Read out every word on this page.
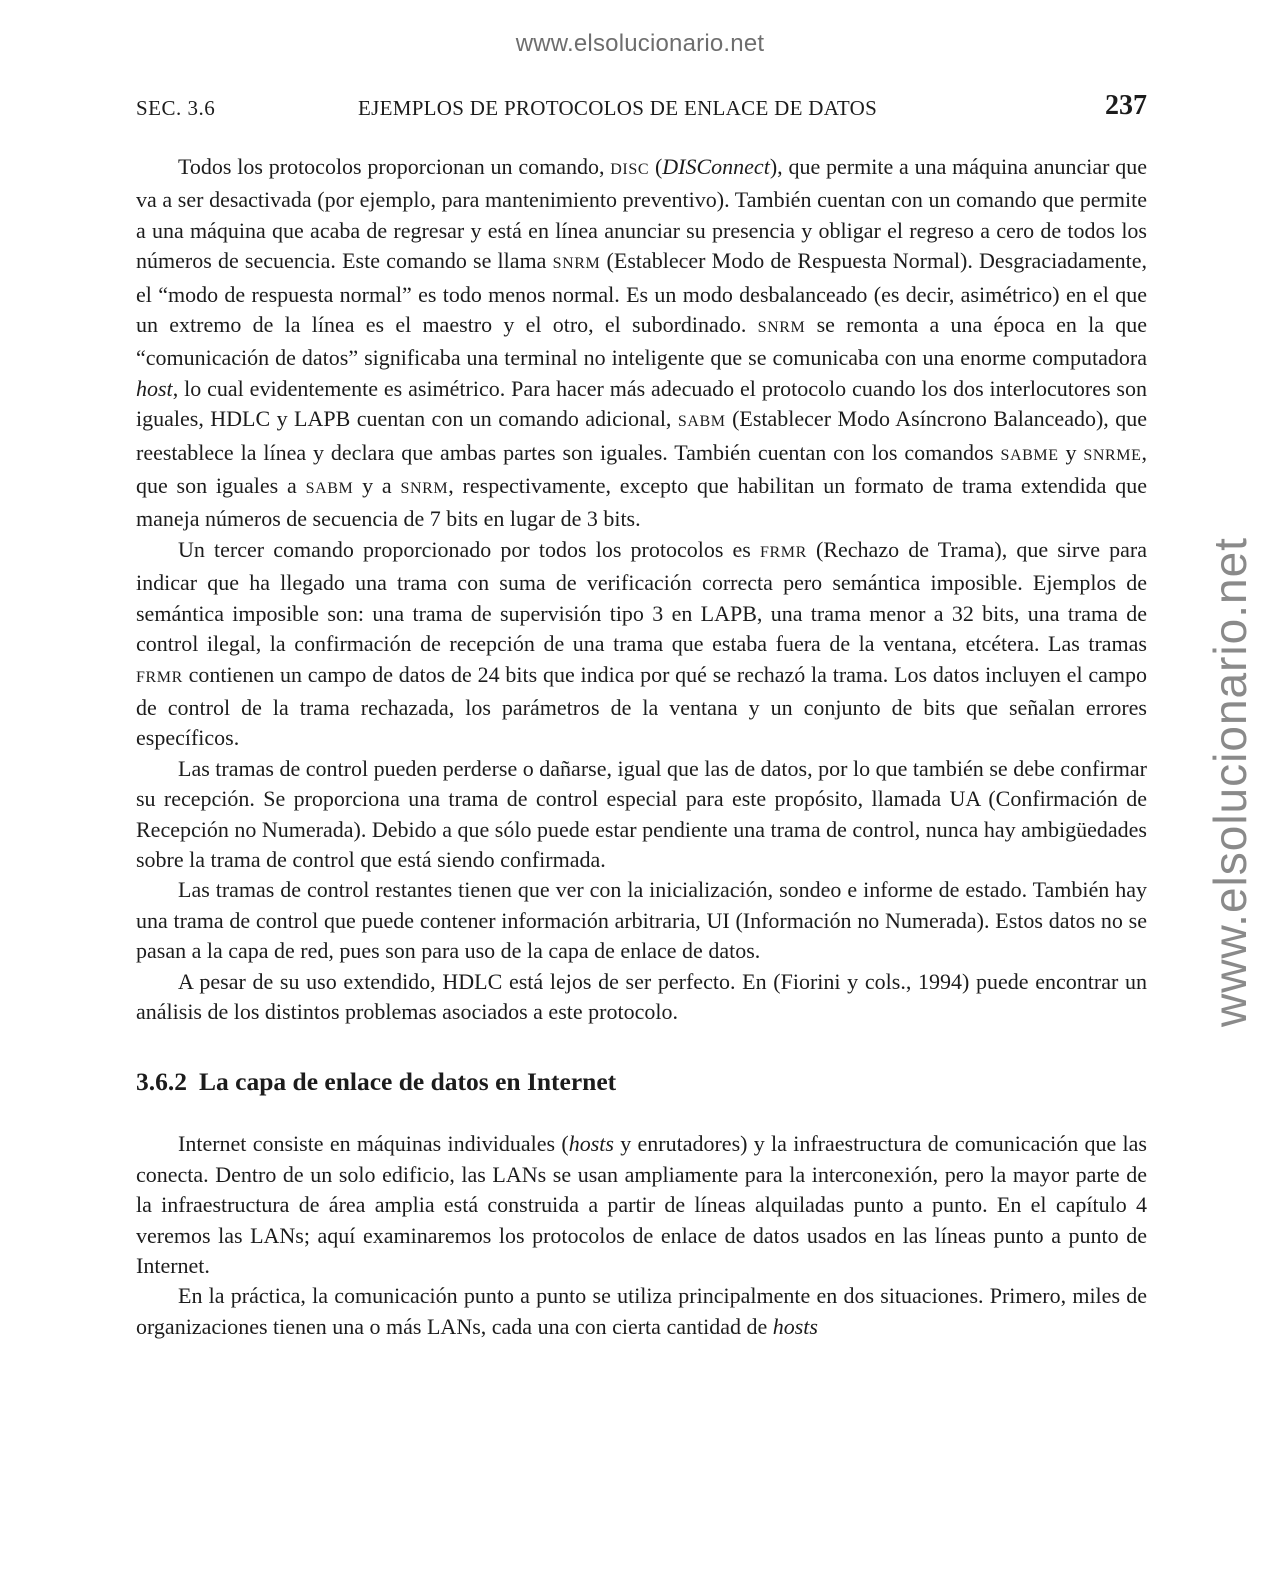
www.elsolucionario.net
www.elsolucionario.net
SEC. 3.6	EJEMPLOS DE PROTOCOLOS DE ENLACE DE DATOS	237

Todos los protocolos proporcionan un comando, DISC (DISConnect), que permite a una máquina anunciar que va a ser desactivada (por ejemplo, para mantenimiento preventivo). También cuentan con un comando que permite a una máquina que acaba de regresar y está en línea anunciar su presencia y obligar el regreso a cero de todos los números de secuencia. Este comando se llama SNRM (Establecer Modo de Respuesta Normal). Desgraciadamente, el “modo de respuesta normal” es todo menos normal. Es un modo desbalanceado (es decir, asimétrico) en el que un extremo de la línea es el maestro y el otro, el subordinado. SNRM se remonta a una época en la que “comunicación de datos” significaba una terminal no inteligente que se comunicaba con una enorme computadora host, lo cual evidentemente es asimétrico. Para hacer más adecuado el protocolo cuando los dos interlocutores son iguales, HDLC y LAPB cuentan con un comando adicional, SABM (Establecer Modo Asíncrono Balanceado), que reestablece la línea y declara que ambas partes son iguales. También cuentan con los comandos SABME y SNRME, que son iguales a SABM y a SNRM, respectivamente, excepto que habilitan un formato de trama extendida que maneja números de secuencia de 7 bits en lugar de 3 bits.

Un tercer comando proporcionado por todos los protocolos es FRMR (Rechazo de Trama), que sirve para indicar que ha llegado una trama con suma de verificación correcta pero semántica imposible. Ejemplos de semántica imposible son: una trama de supervisión tipo 3 en LAPB, una trama menor a 32 bits, una trama de control ilegal, la confirmación de recepción de una trama que estaba fuera de la ventana, etcétera. Las tramas FRMR contienen un campo de datos de 24 bits que indica por qué se rechazó la trama. Los datos incluyen el campo de control de la trama rechazada, los parámetros de la ventana y un conjunto de bits que señalan errores específicos.

Las tramas de control pueden perderse o dañarse, igual que las de datos, por lo que también se debe confirmar su recepción. Se proporciona una trama de control especial para este propósito, llamada UA (Confirmación de Recepción no Numerada). Debido a que sólo puede estar pendiente una trama de control, nunca hay ambigüedades sobre la trama de control que está siendo confirmada.

Las tramas de control restantes tienen que ver con la inicialización, sondeo e informe de estado. También hay una trama de control que puede contener información arbitraria, UI (Información no Numerada). Estos datos no se pasan a la capa de red, pues son para uso de la capa de enlace de datos.

A pesar de su uso extendido, HDLC está lejos de ser perfecto. En (Fiorini y cols., 1994) puede encontrar un análisis de los distintos problemas asociados a este protocolo.

3.6.2 La capa de enlace de datos en Internet

Internet consiste en máquinas individuales (hosts y enrutadores) y la infraestructura de comunicación que las conecta. Dentro de un solo edificio, las LANs se usan ampliamente para la interconexión, pero la mayor parte de la infraestructura de área amplia está construida a partir de líneas alquiladas punto a punto. En el capítulo 4 veremos las LANs; aquí examinaremos los protocolos de enlace de datos usados en las líneas punto a punto de Internet.

En la práctica, la comunicación punto a punto se utiliza principalmente en dos situaciones. Primero, miles de organizaciones tienen una o más LANs, cada una con cierta cantidad de hosts
